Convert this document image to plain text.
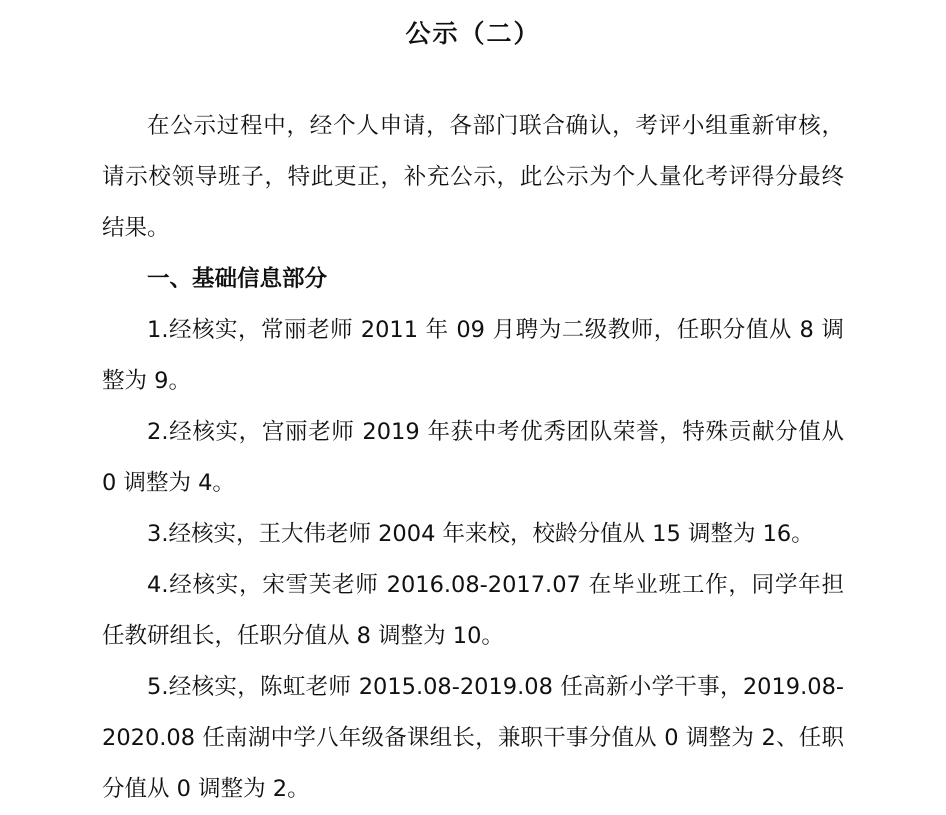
公示（二）

在公示过程中，经个人申请，各部门联合确认，考评小组重新审核，请示校领导班子，特此更正，补充公示，此公示为个人量化考评得分最终结果。

一、基础信息部分

1.经核实，常丽老师 2011 年 09 月聘为二级教师，任职分值从 8 调整为 9。

2.经核实，宫丽老师 2019 年获中考优秀团队荣誉，特殊贡献分值从 0 调整为 4。

3.经核实，王大伟老师 2004 年来校，校龄分值从 15 调整为 16。

4.经核实，宋雪芙老师 2016.08-2017.07 在毕业班工作，同学年担任教研组长，任职分值从 8 调整为 10。

5.经核实，陈虹老师 2015.08-2019.08 任高新小学干事，2019.08-2020.08 任南湖中学八年级备课组长，兼职干事分值从 0 调整为 2、任职分值从 0 调整为 2。
